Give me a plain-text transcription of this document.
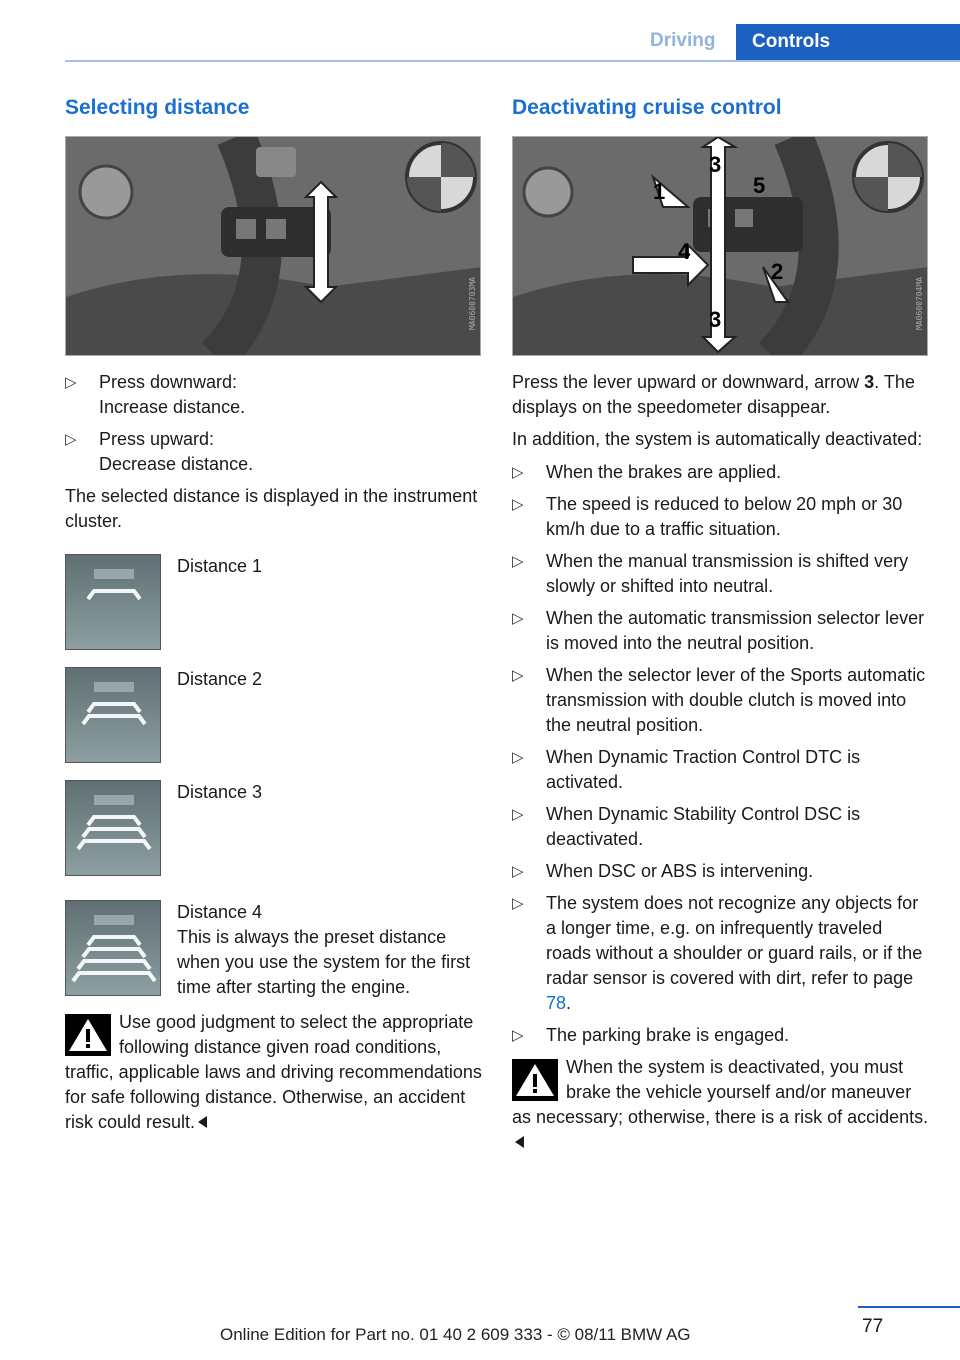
Driving	Controls
Selecting distance
MA0600703MA
▷ Press downward:
Increase distance.
▷ Press upward:
Decrease distance.

The selected distance is displayed in the instrument cluster.

Distance 1
Distance 2
Distance 3
Distance 4
This is always the preset distance when you use the system for the first time after starting the engine.
Use good judgment to select the appropriate following distance given road conditions, traffic, applicable laws and driving recommendations for safe following distance. Otherwise, an accident risk could result.
Deactivating cruise control
1
2
3
4
5
3	MA0600704MA

Press the lever upward or downward, arrow 3. The displays on the speedometer disappear.

In addition, the system is automatically deactivated:

▷ When the brakes are applied.
▷ The speed is reduced to below 20 mph or 30 km/h due to a traffic situation.
▷ When the manual transmission is shifted very slowly or shifted into neutral.
▷ When the automatic transmission selector lever is moved into the neutral position.
▷ When the selector lever of the Sports automatic transmission with double clutch is moved into the neutral position.
▷ When Dynamic Traction Control DTC is activated.
▷ When Dynamic Stability Control DSC is deactivated.
▷ When DSC or ABS is intervening.
▷ The system does not recognize any objects for a longer time, e.g. on infrequently traveled roads without a shoulder or guard rails, or if the radar sensor is covered with dirt, refer to page 78.
▷ The parking brake is engaged.
When the system is deactivated, you must brake the vehicle yourself and/or maneuver as necessary; otherwise, there is a risk of accidents.
77
Online Edition for Part no. 01 40 2 609 333 - © 08/11 BMW AG
